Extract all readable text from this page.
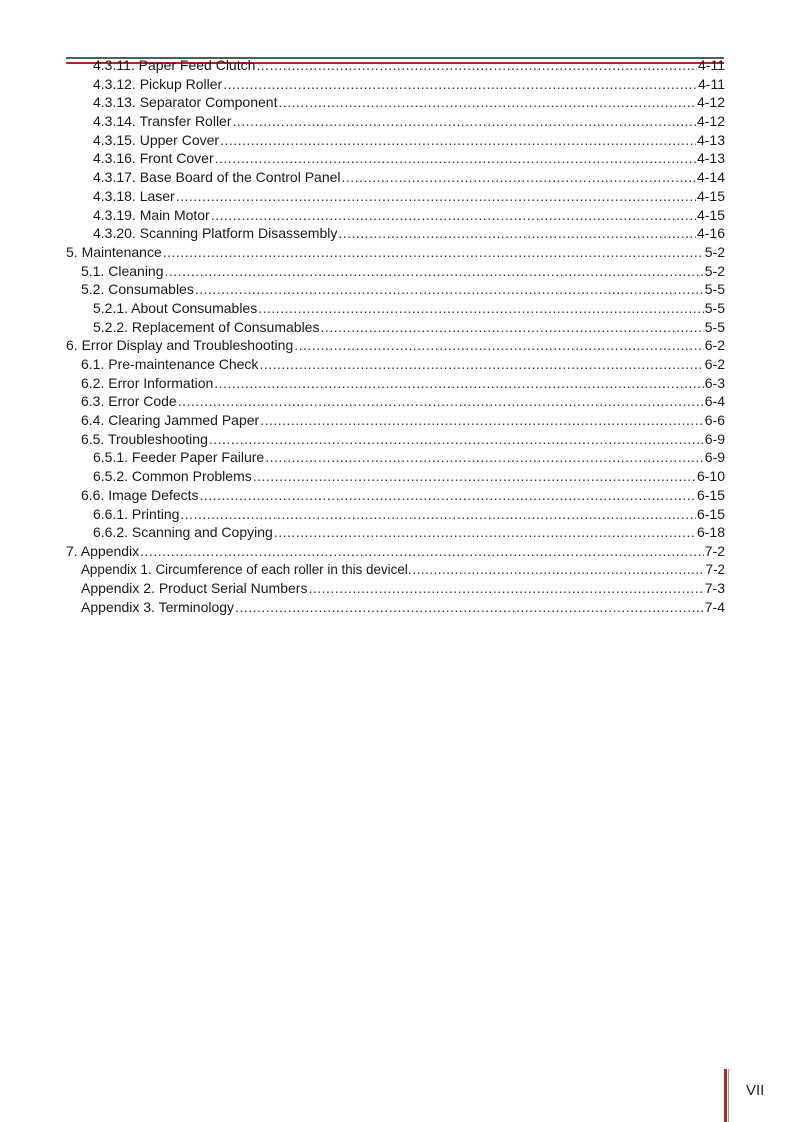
4.3.11. Paper Feed Clutch .....	4-11
4.3.12. Pickup Roller .....	4-11
4.3.13. Separator Component .....	4-12
4.3.14. Transfer Roller .....	4-12
4.3.15. Upper Cover .....	4-13
4.3.16. Front Cover .....	4-13
4.3.17. Base Board of the Control Panel .....	4-14
4.3.18. Laser .....	4-15
4.3.19. Main Motor .....	4-15
4.3.20. Scanning Platform Disassembly .....	4-16
5. Maintenance .....	5-2
5.1. Cleaning .....	5-2
5.2. Consumables .....	5-5
5.2.1. About Consumables .....	5-5
5.2.2. Replacement of Consumables .....	5-5
6. Error Display and Troubleshooting .....	6-2
6.1. Pre-maintenance Check .....	6-2
6.2. Error Information .....	6-3
6.3. Error Code .....	6-4
6.4. Clearing Jammed Paper .....	6-6
6.5. Troubleshooting .....	6-9
6.5.1. Feeder Paper Failure .....	6-9
6.5.2. Common Problems .....	6-10
6.6. Image Defects .....	6-15
6.6.1. Printing .....	6-15
6.6.2. Scanning and Copying .....	6-18
7. Appendix .....	7-2
Appendix 1. Circumference of each roller in this devicel. .....	7-2
Appendix 2. Product Serial Numbers .....	7-3
Appendix 3. Terminology .....	7-4
VII
